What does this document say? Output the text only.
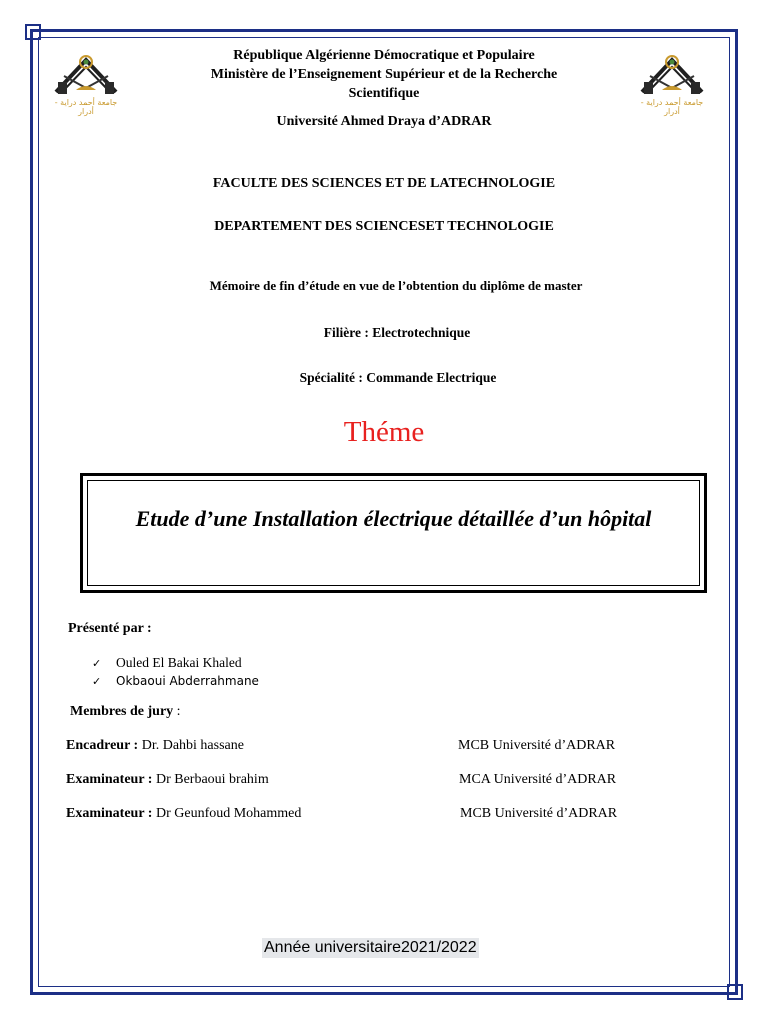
جامعة أحمد دراية - أدرار
جامعة أحمد دراية - أدرار
République Algérienne Démocratique et Populaire
Ministère de l’Enseignement Supérieur et de la Recherche
Scientifique
Université Ahmed Draya d’ADRAR
FACULTE DES SCIENCES ET DE LATECHNOLOGIE
DEPARTEMENT DES SCIENCESET TECHNOLOGIE
Mémoire de fin d’étude en vue de l’obtention du diplôme de master
Filière : Electrotechnique
Spécialité : Commande Electrique
Théme
Etude d’une Installation électrique détaillée d’un hôpital
Présenté par :
✓ Ouled El Bakai Khaled
✓ Okbaoui Abderrahmane
Membres de jury :
Encadreur : Dr. Dahbi hassane	MCB Université d’ADRAR
Examinateur : Dr Berbaoui brahim	MCA Université d’ADRAR
Examinateur : Dr Geunfoud Mohammed	MCB Université d’ADRAR
Année universitaire2021/2022
